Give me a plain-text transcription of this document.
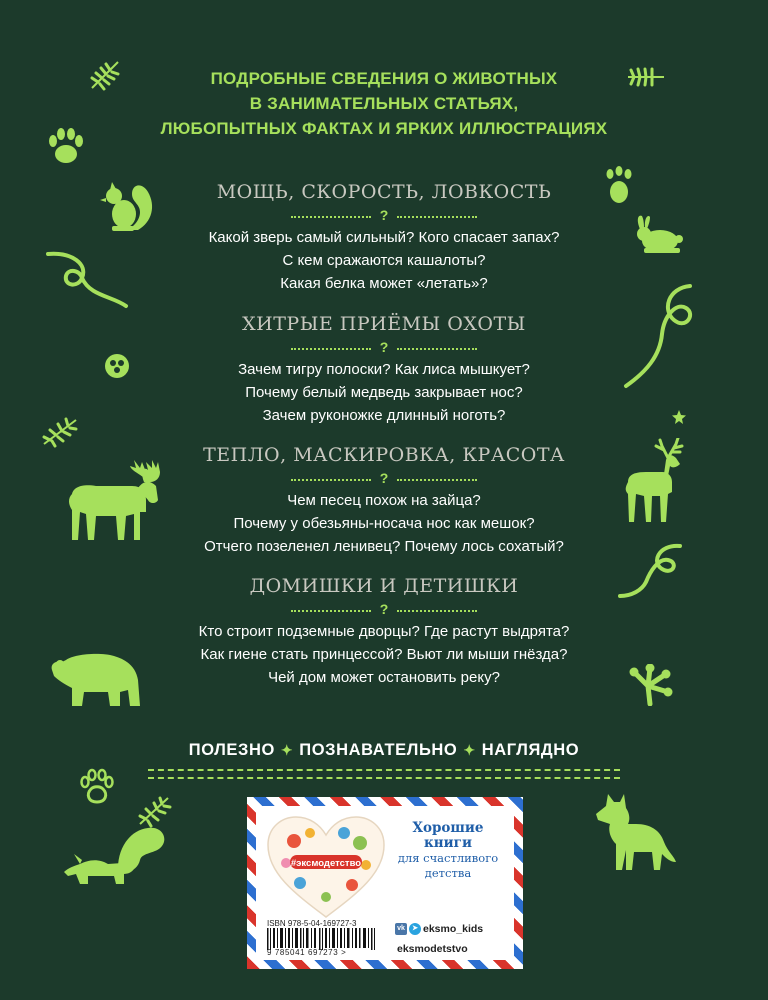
ПОДРОБНЫЕ СВЕДЕНИЯ О ЖИВОТНЫХ
В ЗАНИМАТЕЛЬНЫХ СТАТЬЯХ,
ЛЮБОПЫТНЫХ ФАКТАХ И ЯРКИХ ИЛЛЮСТРАЦИЯХ
МОЩЬ, СКОРОСТЬ, ЛОВКОСТЬ
?
Какой зверь самый сильный? Кого спасает запах?
С кем сражаются кашалоты?
Какая белка может «летать»?
ХИТРЫЕ ПРИЁМЫ ОХОТЫ
?
Зачем тигру полоски? Как лиса мышкует?
Почему белый медведь закрывает нос?
Зачем руконожке длинный ноготь?
ТЕПЛО, МАСКИРОВКА, КРАСОТА
?
Чем песец похож на зайца?
Почему у обезьяны-носача нос как мешок?
Отчего позеленел ленивец? Почему лось сохатый?
ДОМИШКИ И ДЕТИШКИ
?
Кто строит подземные дворцы? Где растут выдрята?
Как гиене стать принцессой? Вьют ли мыши гнёзда?
Чей дом может остановить реку?
ПОЛЕЗНО ✦ ПОЗНАВАТЕЛЬНО ✦ НАГЛЯДНО
#эксмодетство
Хорошие
книги
для счастливого
детства
ISBN 978-5-04-169727-3
9 785041 697273 >
vk	➤ eksmo_kids
eksmodetstvo
